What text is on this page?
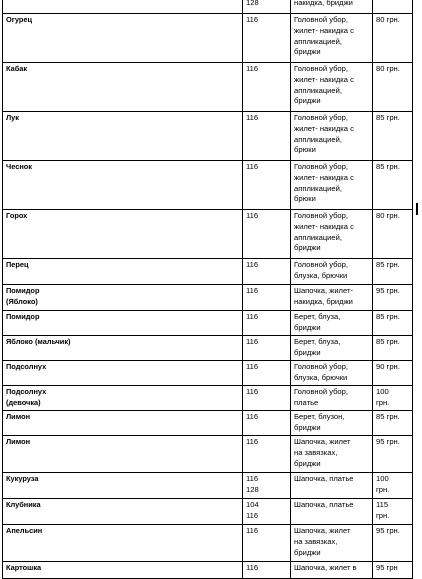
	128	накидка, бриджи	

Огурец	116	Головной убор,
жилет- накидка с
аппликацией,
бриджи	80 грн.

Кабак	116	Головной убор,
жилет- накидка с
аппликацией,
бриджи	80 грн.

Лук	116	Головной убор,
жилет- накидка с
аппликацией,
брюки	85 грн.

Чеснок	116	Головной убор,
жилет- накидка с
аппликацией,
брюки	85 грн.

Горох	116	Головной убор,
жилет- накидка с
аппликацией,
бриджи	80 грн.

Перец	116	Головной убор,
блузка, брючки	85 грн.

Помидор
(Яблоко)	116	Шапочка, жилет-
накидка, бриджи	95 грн.

Помидор	116	Берет, блуза,
бриджи	85 грн.

Яблоко (мальчик)	116	Берет, блуза,
бриджи	85 грн.

Подсолнух	116	Головной убор,
блузка, брючки	90 грн.

Подсолнух
(девочка)	116	Головной убор,
платье	100
грн.

Лимон	116	Берет, блузон,
бриджи	85 грн.

Лимон	116	Шапочка, жилет
на завязках,
бриджи	95 грн.

Кукуруза	116
128	Шапочка, платье	100
грн.

Клубника	104
116	Шапочка, платье	115
грн.

Апельсин	116	Шапочка, жилет
на завязках,
бриджи	95 грн.

Картошка	116	Шапочка, жилет в	95 грн
